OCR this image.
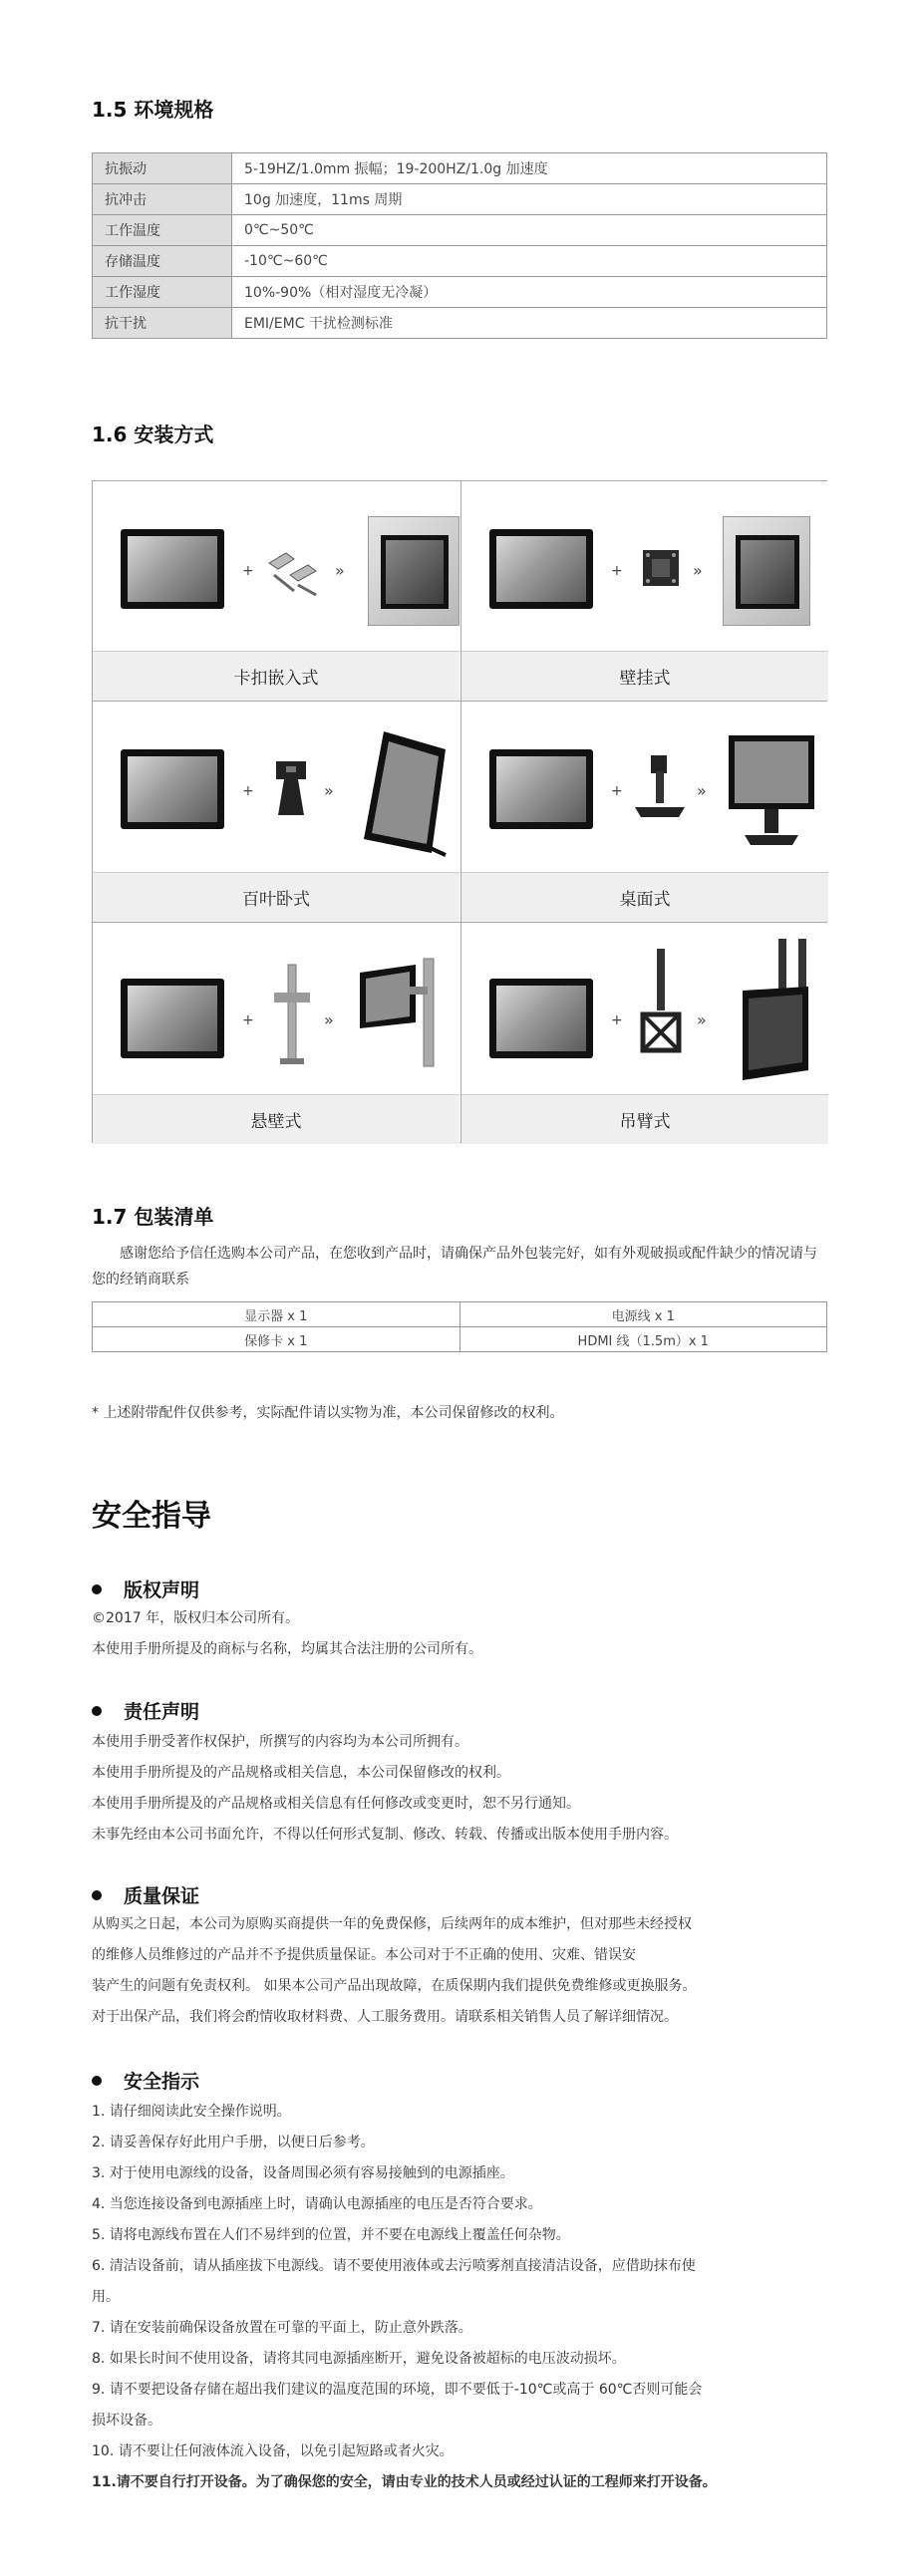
1.5 环境规格
抗振动	5-19HZ/1.0mm 振幅；19-200HZ/1.0g 加速度
抗冲击	10g 加速度，11ms 周期
工作温度	0℃~50℃
存储温度	-10℃~60℃
工作湿度	10%-90%（相对湿度无冷凝）
抗干扰	EMI/EMC 干扰检测标准
1.6 安装方式
+	»
卡扣嵌入式
+	»
壁挂式
+	»
百叶卧式
+	»
桌面式
+	»
悬壁式
+	»
吊臂式
1.7 包装清单
感谢您给予信任选购本公司产品，在您收到产品时，请确保产品外包装完好，如有外观破损或配件缺少的情况请与您的经销商联系
显示器 x 1	电源线 x 1
保修卡 x 1	HDMI 线（1.5m）x 1
* 上述附带配件仅供参考，实际配件请以实物为准，本公司保留修改的权利。
安全指导
版权声明
©2017 年，版权归本公司所有。
本使用手册所提及的商标与名称，均属其合法注册的公司所有。
责任声明
本使用手册受著作权保护，所撰写的内容均为本公司所拥有。
本使用手册所提及的产品规格或相关信息，本公司保留修改的权利。
本使用手册所提及的产品规格或相关信息有任何修改或变更时，恕不另行通知。
未事先经由本公司书面允许，不得以任何形式复制、修改、转载、传播或出版本使用手册内容。
质量保证
从购买之日起，本公司为原购买商提供一年的免费保修，后续两年的成本维护，但对那些未经授权
的维修人员维修过的产品并不予提供质量保证。本公司对于不正确的使用、灾难、错误安
装产生的问题有免责权利。 如果本公司产品出现故障，在质保期内我们提供免费维修或更换服务。
对于出保产品，我们将会酌情收取材料费、人工服务费用。请联系相关销售人员了解详细情况。
安全指示
1. 请仔细阅读此安全操作说明。
2. 请妥善保存好此用户手册，以便日后参考。
3. 对于使用电源线的设备，设备周围必须有容易接触到的电源插座。
4. 当您连接设备到电源插座上时，请确认电源插座的电压是否符合要求。
5. 请将电源线布置在人们不易绊到的位置，并不要在电源线上覆盖任何杂物。
6. 清洁设备前，请从插座拔下电源线。请不要使用液体或去污喷雾剂直接清洁设备，应借助抹布使
用。
7. 请在安装前确保设备放置在可靠的平面上，防止意外跌落。
8. 如果长时间不使用设备，请将其同电源插座断开，避免设备被超标的电压波动损坏。
9. 请不要把设备存储在超出我们建议的温度范围的环境，即不要低于-10℃或高于 60℃否则可能会
损坏设备。
10. 请不要让任何液体流入设备，以免引起短路或者火灾。
11.请不要自行打开设备。为了确保您的安全，请由专业的技术人员或经过认证的工程师来打开设备。
